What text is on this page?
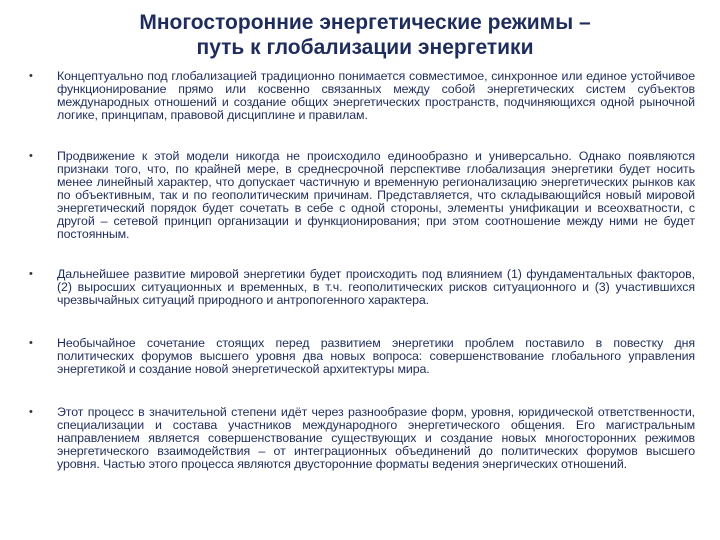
Многосторонние энергетические режимы –
путь к глобализации энергетики
• Концептуально под глобализацией традиционно понимается совместимое, синхронное или единое устойчивое функционирование прямо или косвенно связанных между собой энергетических систем субъектов международных отношений и создание общих энергетических пространств, подчиняющихся одной рыночной логике, принципам, правовой дисциплине и правилам.
• Продвижение к этой модели никогда не происходило единообразно и универсально. Однако появляются признаки того, что, по крайней мере, в среднесрочной перспективе глобализация энергетики будет носить менее линейный характер, что допускает частичную и временную регионализацию энергетических рынков как по объективным, так и по геополитическим причинам. Представляется, что складывающийся новый мировой энергетический порядок будет сочетать в себе с одной стороны, элементы унификации и всеохватности, с другой – сетевой принцип организации и функционирования; при этом соотношение между ними не будет постоянным.
• Дальнейшее развитие мировой энергетики будет происходить под влиянием (1) фундаментальных факторов, (2) выросших ситуационных и временных, в т.ч. геополитических рисков ситуационного и (3) участившихся чрезвычайных ситуаций природного и антропогенного характера.
• Необычайное сочетание стоящих перед развитием энергетики проблем поставило в повестку дня политических форумов высшего уровня два новых вопроса: совершенствование глобального управления энергетикой и создание новой энергетической архитектуры мира.
• Этот процесс в значительной степени идёт через разнообразие форм, уровня, юридической ответственности, специализации и состава участников международного энергетического общения. Его магистральным направлением является совершенствование существующих и создание новых многосторонних режимов энергетического взаимодействия – от интеграционных объединений до политических форумов высшего уровня. Частью этого процесса являются двусторонние форматы ведения энергических отношений.
